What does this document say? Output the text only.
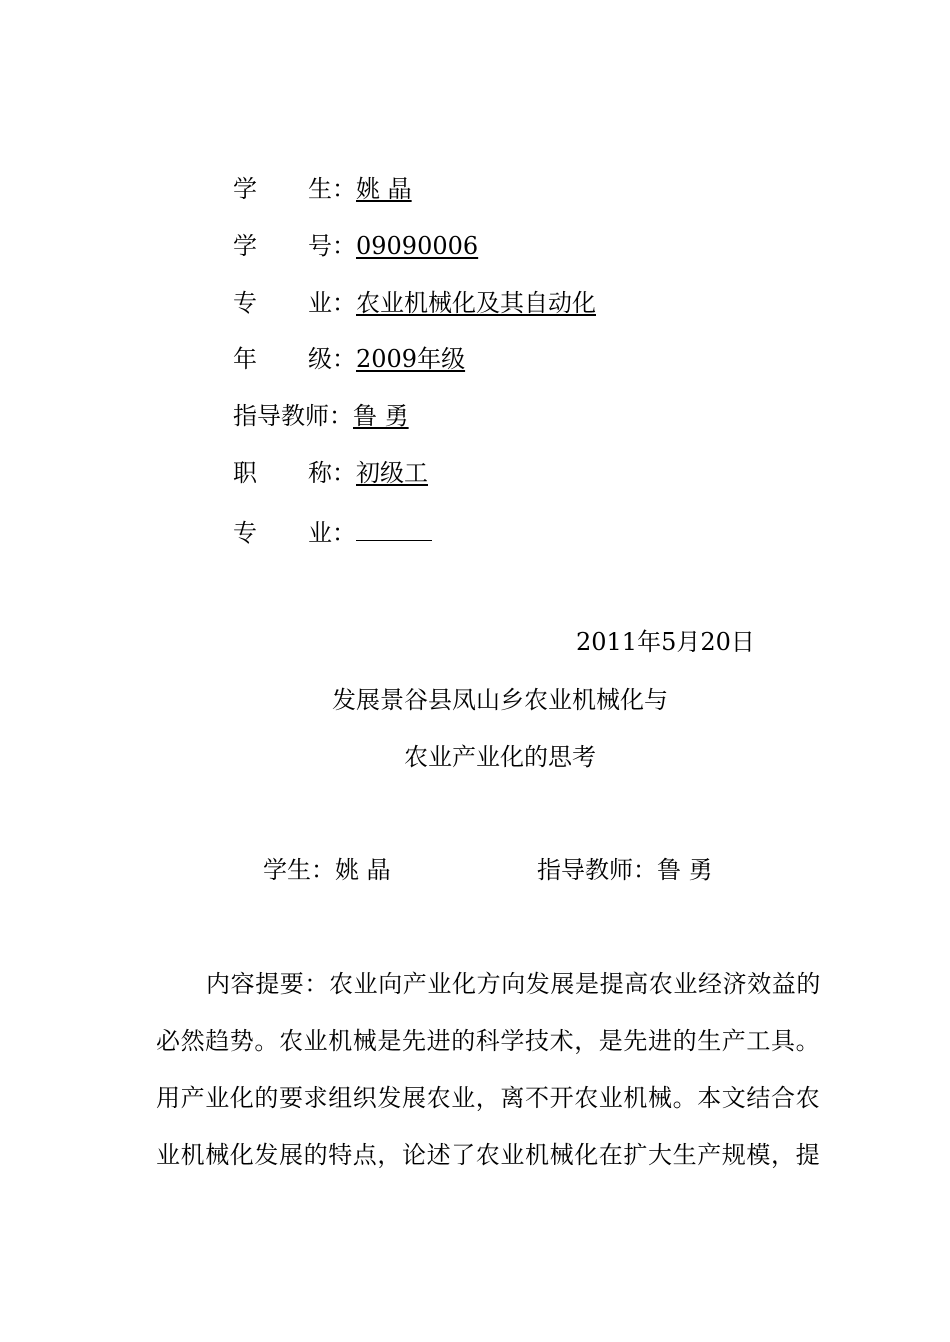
学 生：姚 晶
学 号：09090006
专 业：农业机械化及其自动化
年 级：2009年级
指导教师：鲁 勇
职 称：初级工
专 业：
2011年5月20日
发展景谷县凤山乡农业机械化与
农业产业化的思考
学生：姚 晶	指导教师：鲁 勇
内容提要：农业向产业化方向发展是提高农业经济效益的
必然趋势。农业机械是先进的科学技术，是先进的生产工具。
用产业化的要求组织发展农业，离不开农业机械。本文结合农
业机械化发展的特点，论述了农业机械化在扩大生产规模，提
